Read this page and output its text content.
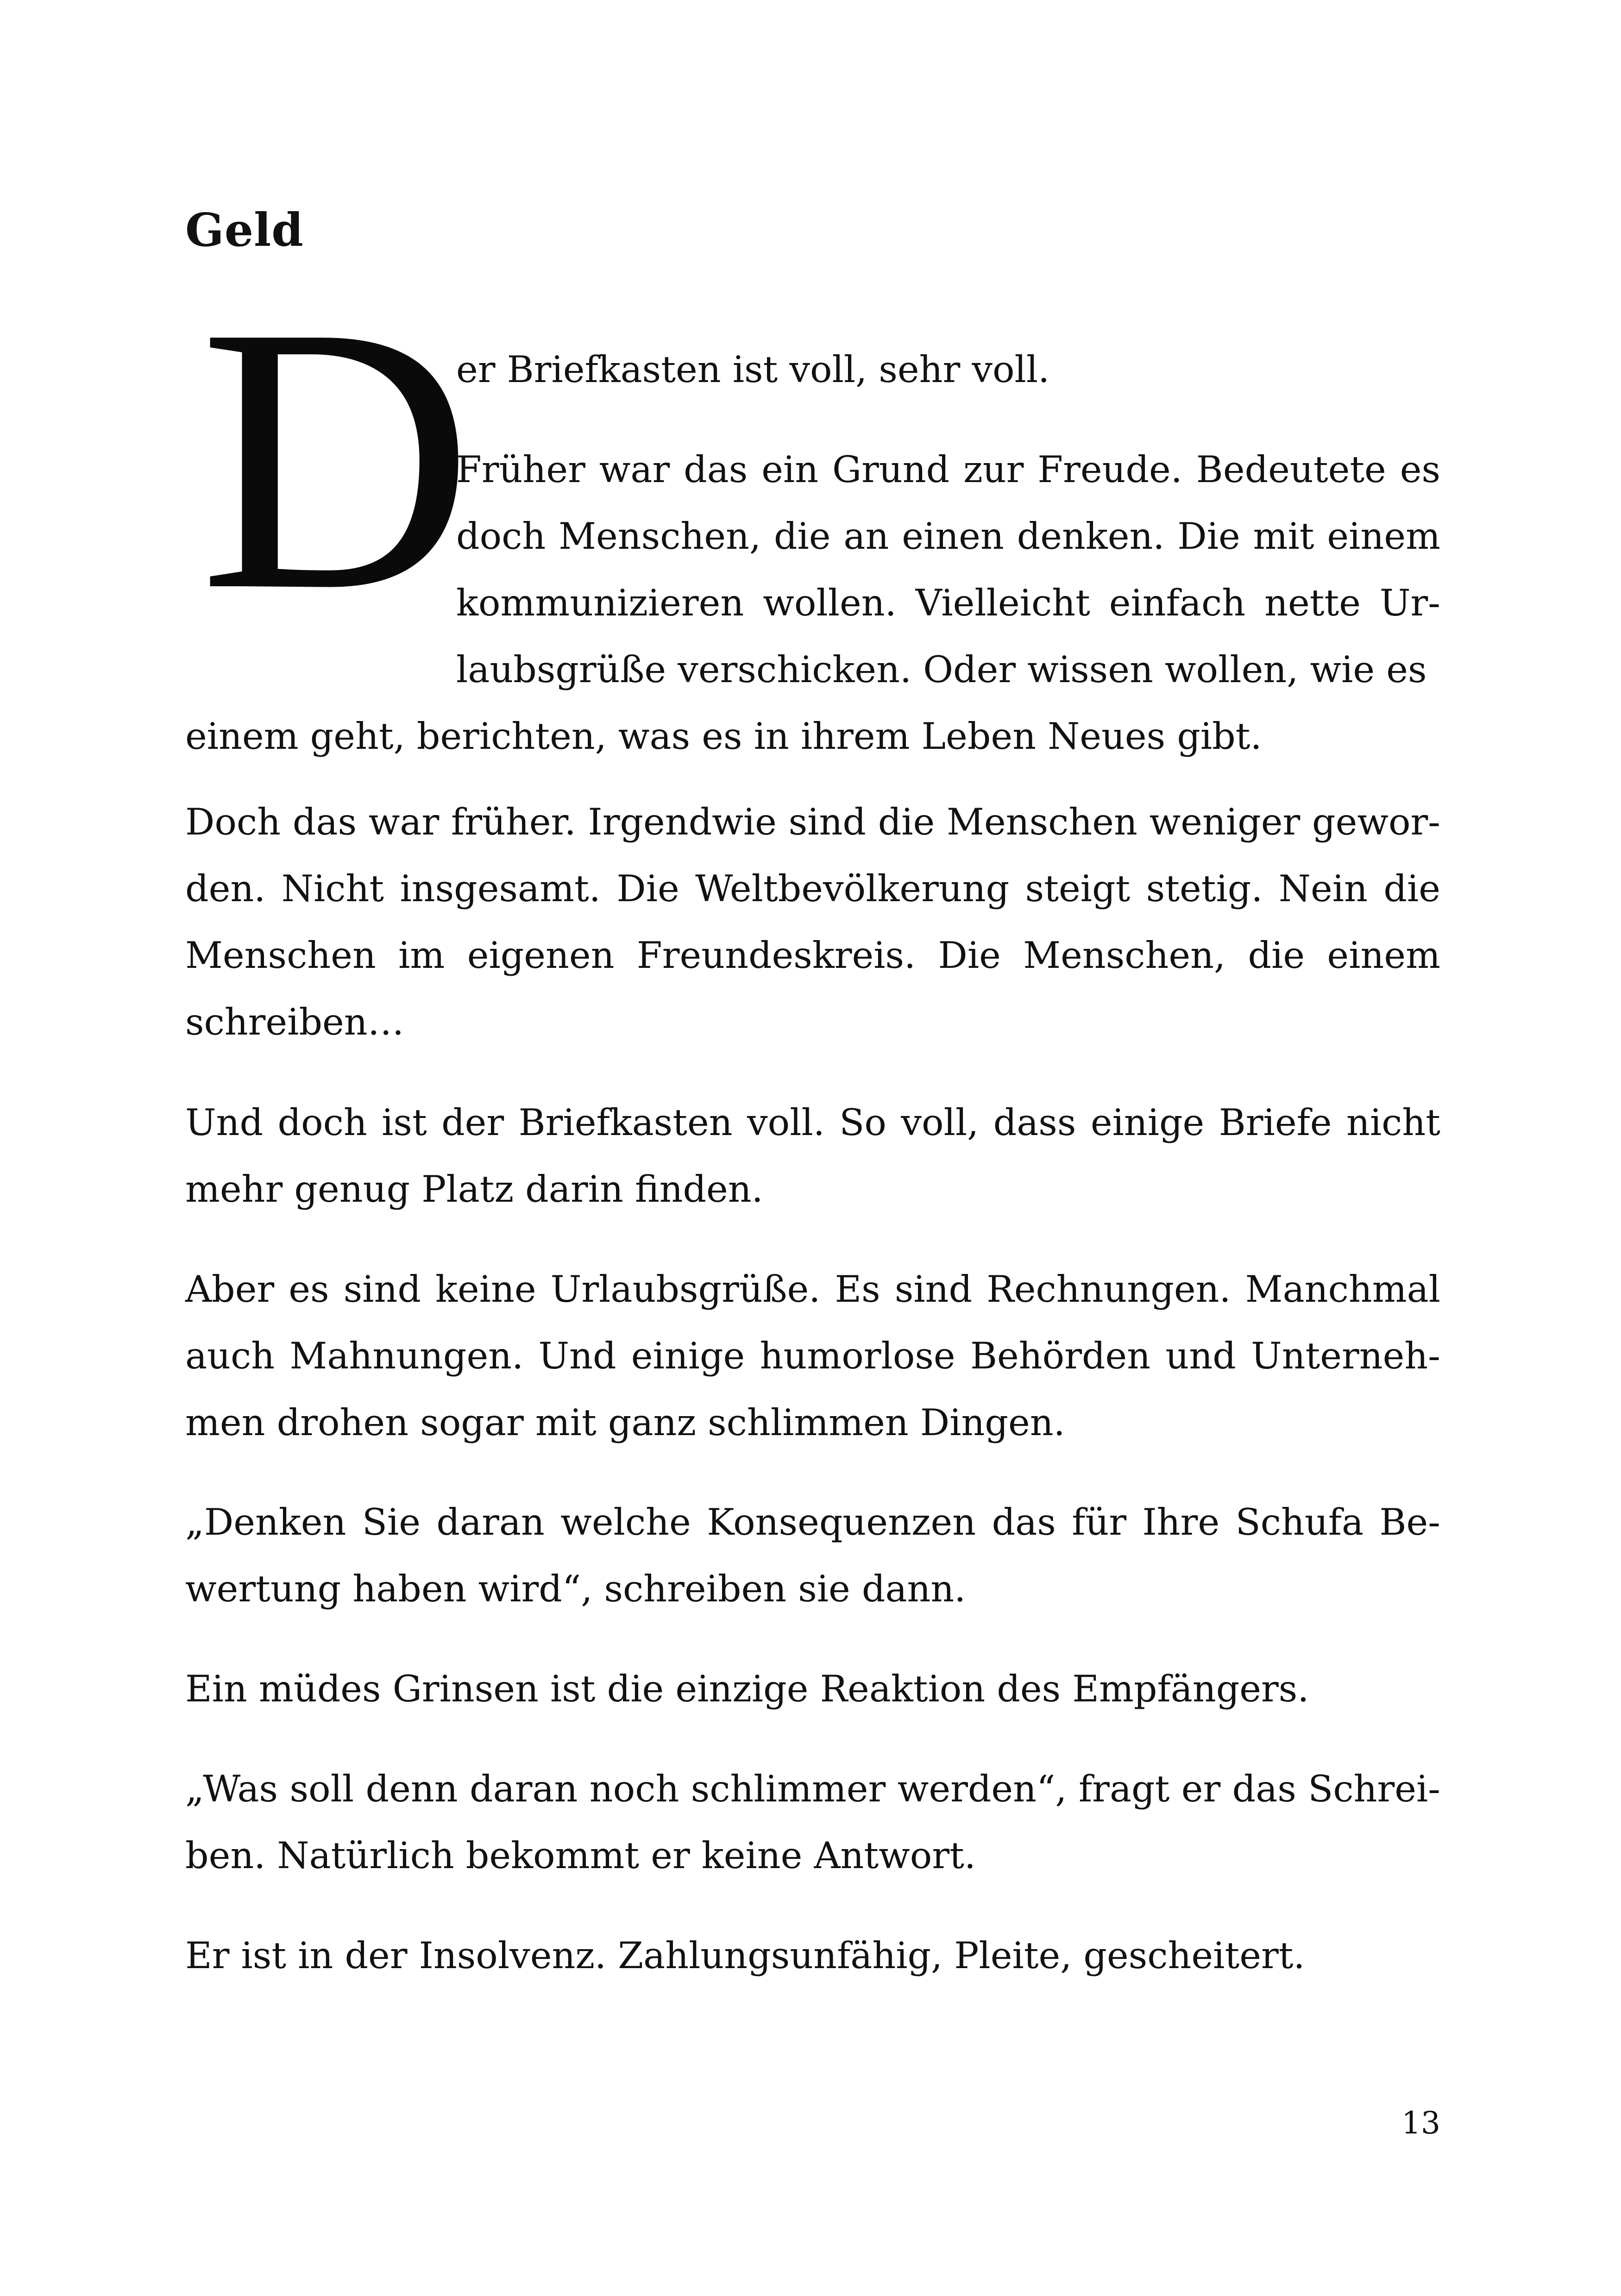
Geld
D

er Briefkasten ist voll, sehr voll.

Früher war das ein Grund zur Freude. Bedeutete es doch Menschen, die an einen denken. Die mit einem kommunizieren wollen. Vielleicht einfach nette Ur- laubsgrüße verschicken. Oder wissen wollen, wie es

einem geht, berichten, was es in ihrem Leben Neues gibt.

Doch das war früher. Irgendwie sind die Menschen weniger gewor- den. Nicht insgesamt. Die Weltbevölkerung steigt stetig. Nein die Menschen im eigenen Freundeskreis. Die Menschen, die einem schreiben…

Und doch ist der Briefkasten voll. So voll, dass einige Briefe nicht mehr genug Platz darin finden.

Aber es sind keine Urlaubsgrüße. Es sind Rechnungen. Manchmal auch Mahnungen. Und einige humorlose Behörden und Unterneh- men drohen sogar mit ganz schlimmen Dingen.

„Denken Sie daran welche Konsequenzen das für Ihre Schufa Be- wertung haben wird“, schreiben sie dann.

Ein müdes Grinsen ist die einzige Reaktion des Empfängers.

„Was soll denn daran noch schlimmer werden“, fragt er das Schrei- ben. Natürlich bekommt er keine Antwort.

Er ist in der Insolvenz. Zahlungsunfähig, Pleite, gescheitert.

13
